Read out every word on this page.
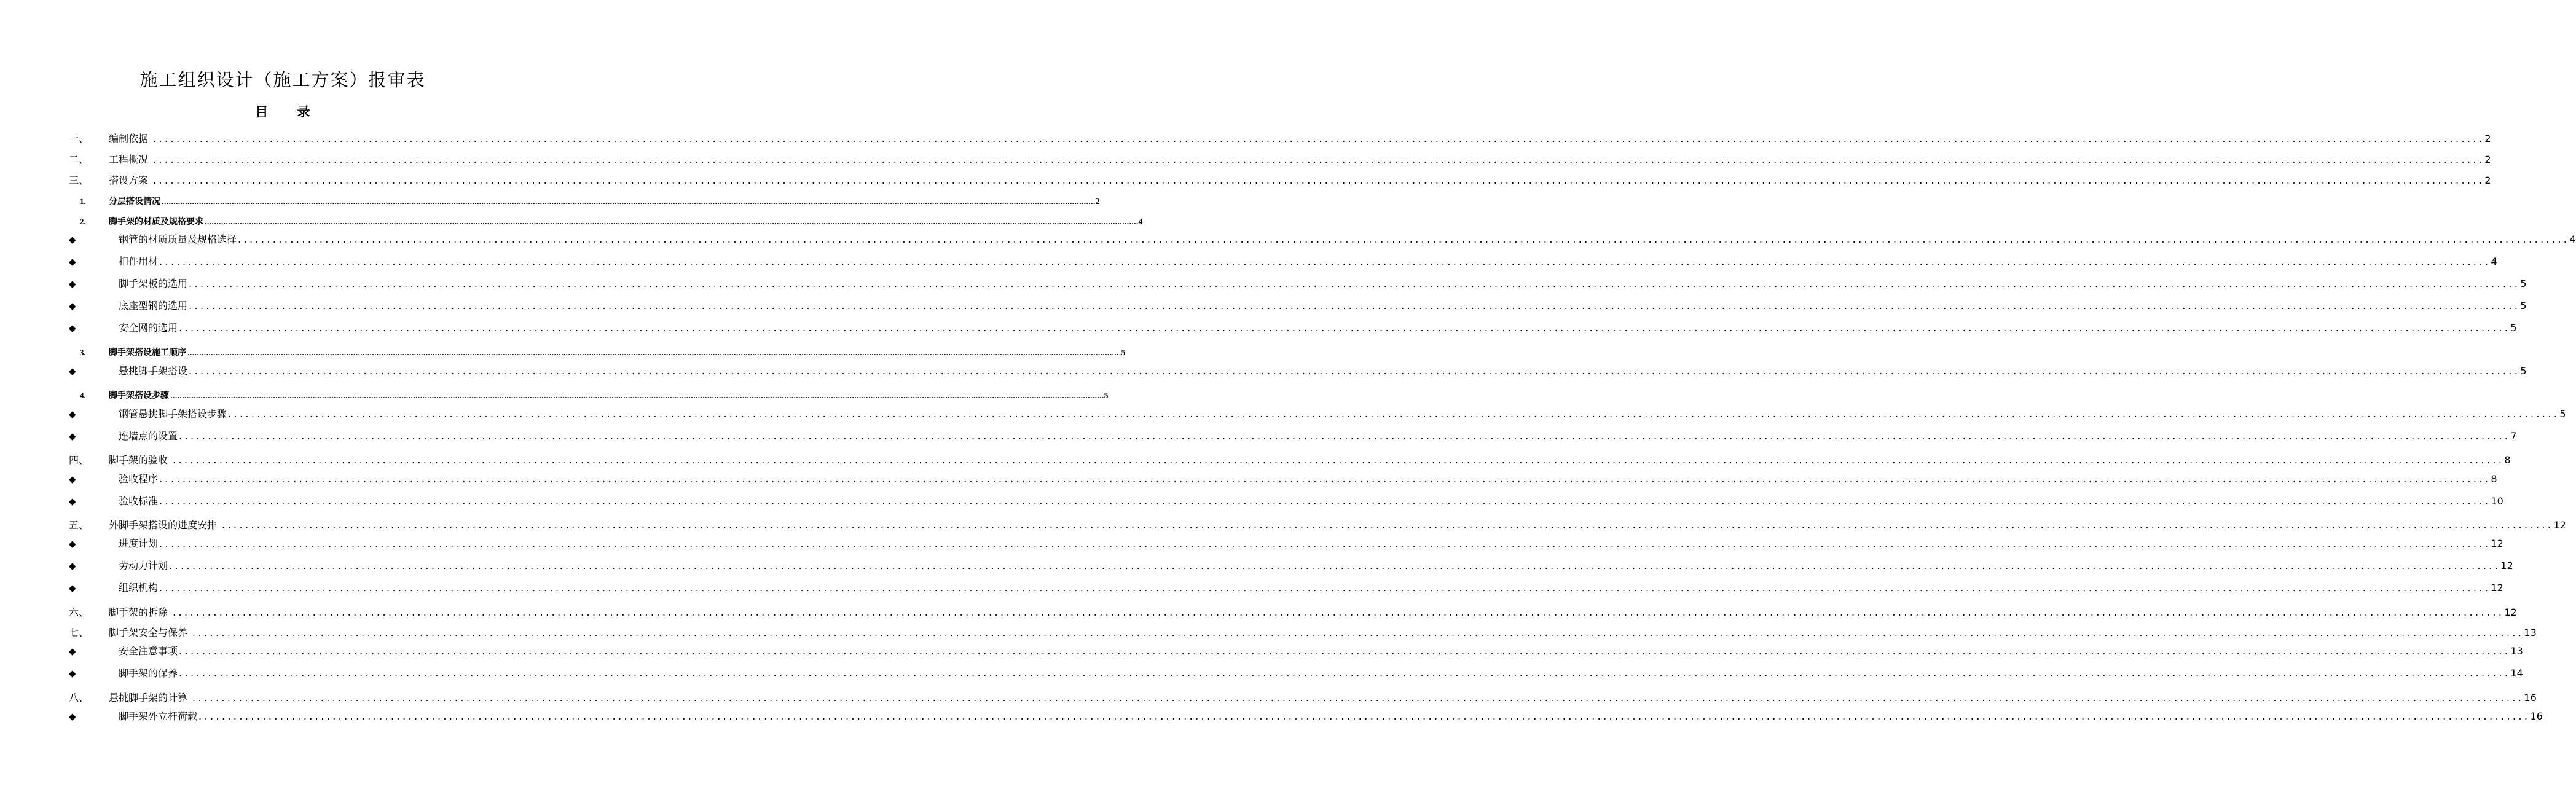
施工组织设计（施工方案）报审表
目 录
一、 编制依据 ................................................................................................................................................................................................................................................................................................................................................................................................................ 2
二、 工程概况 ................................................................................................................................................................................................................................................................................................................................................................................................................ 2
三、 搭设方案 ................................................................................................................................................................................................................................................................................................................................................................................................................ 2
1.	分层搭设情况 ................................................................................................................................................................................................................................................................................................................................................................................................................ 2
2.	脚手架的材质及规格要求 ................................................................................................................................................................................................................................................................................................................................................................................................................ 4
◆	钢管的材质质量及规格选择 ................................................................................................................................................................................................................................................................................................................................................................................................................ 4
◆	扣件用材 ................................................................................................................................................................................................................................................................................................................................................................................................................ 4
◆	脚手架板的选用 ................................................................................................................................................................................................................................................................................................................................................................................................................ 5
◆	底座型钢的选用 ................................................................................................................................................................................................................................................................................................................................................................................................................ 5
◆	安全网的选用 ................................................................................................................................................................................................................................................................................................................................................................................................................ 5
3.	脚手架搭设施工顺序 ................................................................................................................................................................................................................................................................................................................................................................................................................ 5
◆	悬挑脚手架搭设 ................................................................................................................................................................................................................................................................................................................................................................................................................ 5
4.	脚手架搭设步骤 ................................................................................................................................................................................................................................................................................................................................................................................................................ 5
◆	钢管悬挑脚手架搭设步骤 ................................................................................................................................................................................................................................................................................................................................................................................................................ 5
◆	连墙点的设置 ................................................................................................................................................................................................................................................................................................................................................................................................................ 7
四、 脚手架的验收 ................................................................................................................................................................................................................................................................................................................................................................................................................ 8
◆	验收程序 ................................................................................................................................................................................................................................................................................................................................................................................................................ 8
◆	验收标准 ................................................................................................................................................................................................................................................................................................................................................................................................................ 10
五、 外脚手架搭设的进度安排 ................................................................................................................................................................................................................................................................................................................................................................................................................ 12
◆	进度计划 ................................................................................................................................................................................................................................................................................................................................................................................................................ 12
◆	劳动力计划 ................................................................................................................................................................................................................................................................................................................................................................................................................ 12
◆	组织机构 ................................................................................................................................................................................................................................................................................................................................................................................................................ 12
六、 脚手架的拆除 ................................................................................................................................................................................................................................................................................................................................................................................................................ 12
七、 脚手架安全与保养 ................................................................................................................................................................................................................................................................................................................................................................................................................ 13
◆	安全注意事项 ................................................................................................................................................................................................................................................................................................................................................................................................................ 13
◆	脚手架的保养 ................................................................................................................................................................................................................................................................................................................................................................................................................ 14
八、 悬挑脚手架的计算 ................................................................................................................................................................................................................................................................................................................................................................................................................ 16
◆	脚手架外立杆荷载 ................................................................................................................................................................................................................................................................................................................................................................................................................ 16
